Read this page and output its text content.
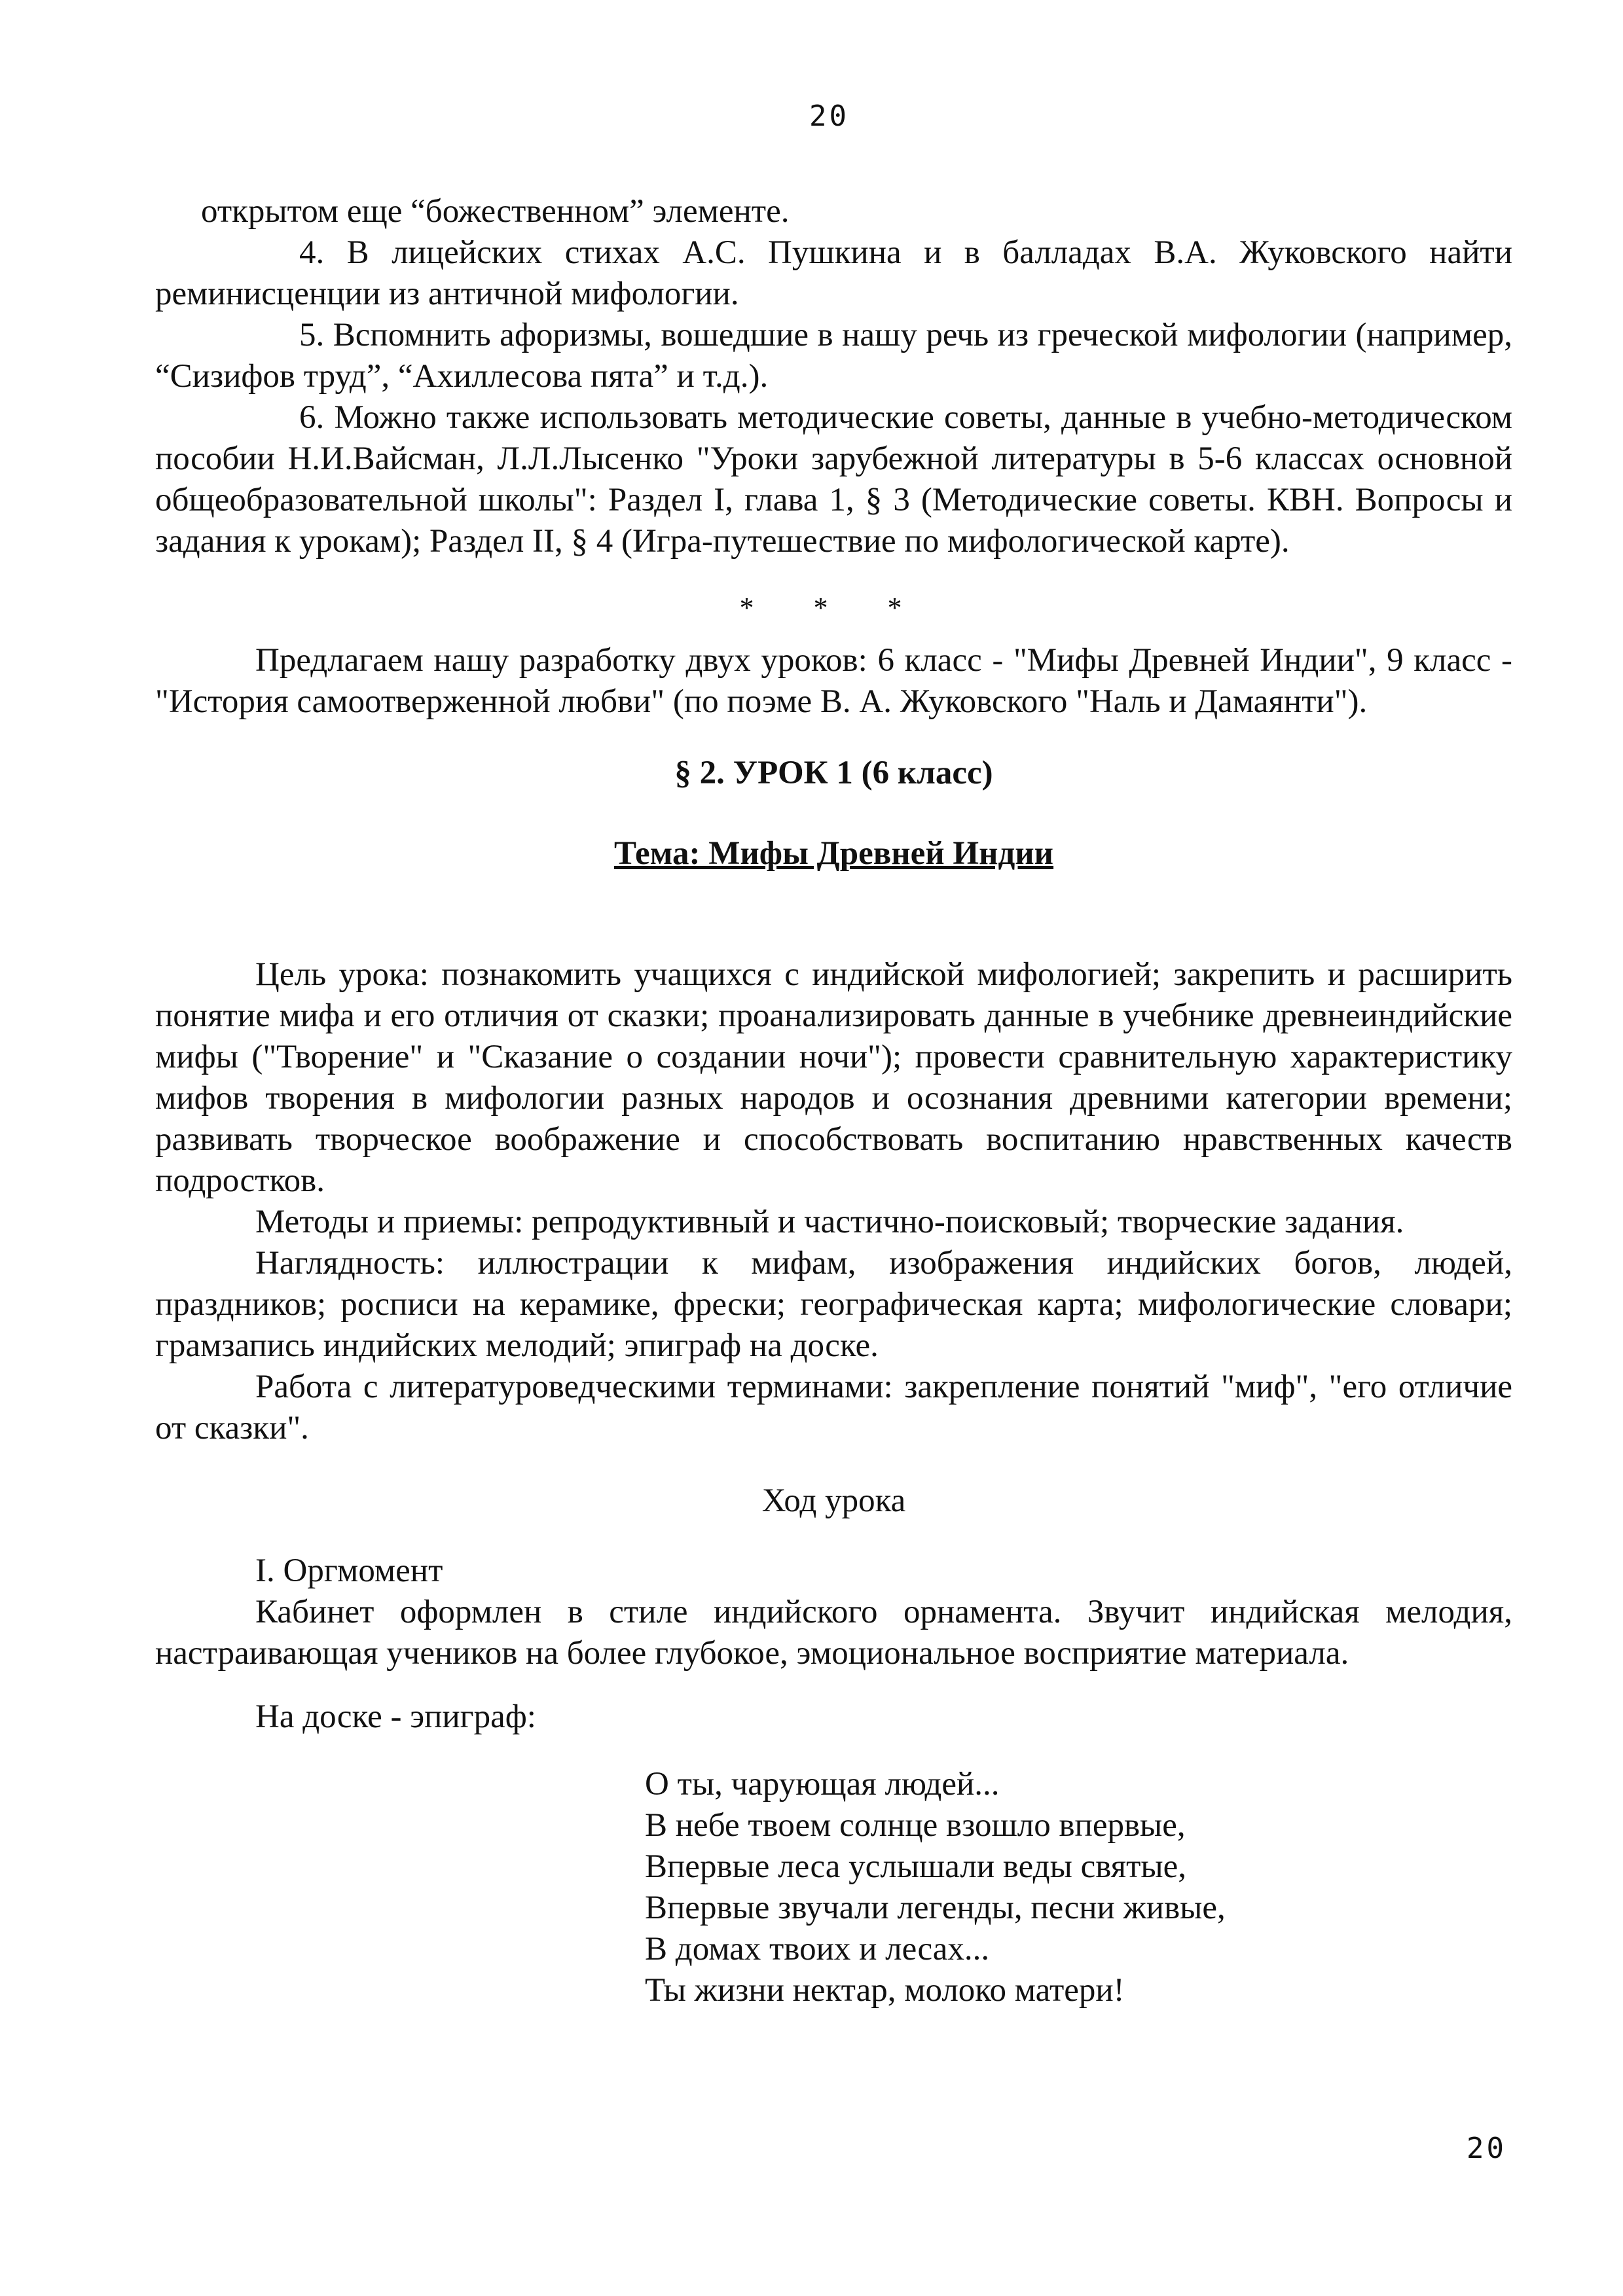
20

открытом еще “божественном” элементе.

4. В лицейских стихах А.С. Пушкина и в балладах В.А. Жуковского найти реминисценции из античной мифологии.

5. Вспомнить афоризмы, вошедшие в нашу речь из греческой мифологии (например, “Сизифов труд”, “Ахиллесова пята” и т.д.).

6. Можно также использовать методические советы, данные в учебно-методическом пособии Н.И.Вайсман, Л.Л.Лысенко "Уроки зарубежной литературы в 5-6 классах основной общеобразовательной школы": Раздел I, глава 1, § 3 (Методические советы. КВН. Вопросы и задания к урокам); Раздел II, § 4 (Игра-путешествие по мифологической карте).

* * *

Предлагаем нашу разработку двух уроков: 6 класс - "Мифы Древней Индии", 9 класс - "История самоотверженной любви" (по поэме В. А. Жуковского "Наль и Дамаянти").

§ 2. УРОК 1 (6 класс)
Тема: Мифы Древней Индии

Цель урока: познакомить учащихся с индийской мифологией; закрепить и расширить понятие мифа и его отличия от сказки; проанализировать данные в учебнике древнеиндийские мифы ("Творение" и "Сказание о создании ночи"); провести сравнительную характеристику мифов творения в мифологии разных народов и осознания древними категории времени; развивать творческое воображение и способствовать воспитанию нравственных качеств подростков.

Методы и приемы: репродуктивный и частично-поисковый; творческие задания.

Наглядность: иллюстрации к мифам, изображения индийских богов, людей, праздников; росписи на керамике, фрески; географическая карта; мифологические словари; грамзапись индийских мелодий; эпиграф на доске.

Работа с литературоведческими терминами: закрепление понятий "миф", "его отличие от сказки".

Ход урока

I. Оргмомент

Кабинет оформлен в стиле индийского орнамента. Звучит индийская мелодия, настраивающая учеников на более глубокое, эмоциональное восприятие материала.

На доске - эпиграф:

О ты, чарующая людей...
В небе твоем солнце взошло впервые,
Впервые леса услышали веды святые,
Впервые звучали легенды, песни живые,
В домах твоих и лесах...
Ты жизни нектар, молоко матери!
20
